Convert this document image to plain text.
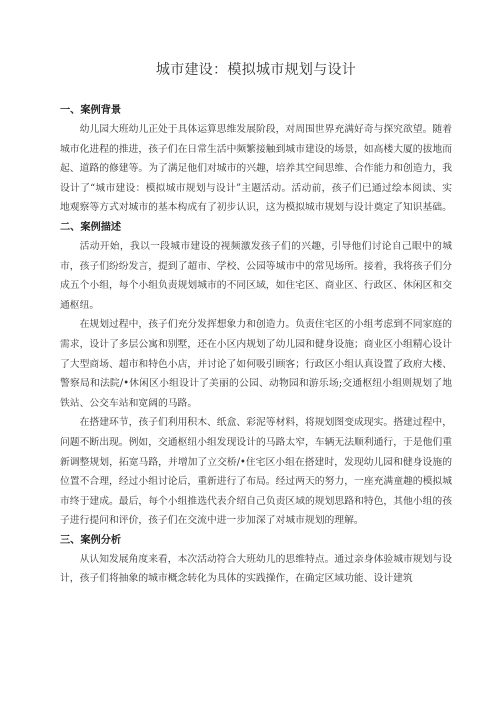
城市建设：模拟城市规划与设计
一、案例背景

幼儿园大班幼儿正处于具体运算思维发展阶段，对周围世界充满好奇与探究欲望。随着城市化进程的推进，孩子们在日常生活中频繁接触到城市建设的场景，如高楼大厦的拔地而起、道路的修建等。为了满足他们对城市的兴趣，培养其空间思维、合作能力和创造力，我设计了“城市建设：模拟城市规划与设计”主题活动。活动前，孩子们已通过绘本阅读、实地观察等方式对城市的基本构成有了初步认识，这为模拟城市规划与设计奠定了知识基础。

二、案例描述

活动开始，我以一段城市建设的视频激发孩子们的兴趣，引导他们讨论自己眼中的城市，孩子们纷纷发言，提到了超市、学校、公园等城市中的常见场所。接着，我将孩子们分成五个小组，每个小组负责规划城市的不同区域，如住宅区、商业区、行政区、休闲区和交通枢纽。

在规划过程中，孩子们充分发挥想象力和创造力。负责住宅区的小组考虑到不同家庭的需求，设计了多层公寓和别墅，还在小区内规划了幼儿园和健身设施；商业区小组精心设计了大型商场、超市和特色小店，并讨论了如何吸引顾客；行政区小组认真设置了政府大楼、警察局和法院/•休闲区小组设计了美丽的公园、动物园和游乐场;交通枢纽小组则规划了地铁站、公交车站和宽阔的马路。

在搭建环节，孩子们利用积木、纸盒、彩泥等材料，将规划图变成现实。搭建过程中，问题不断出现。例如，交通枢纽小组发现设计的马路太窄，车辆无法顺利通行，于是他们重新调整规划，拓宽马路，并增加了立交桥/•住宅区小组在搭建时，发现幼儿园和健身设施的位置不合理，经过小组讨论后，重新进行了布局。经过两天的努力，一座充满童趣的模拟城市终于建成。最后，每个小组推选代表介绍自己负责区域的规划思路和特色，其他小组的孩子进行提问和评价，孩子们在交流中进一步加深了对城市规划的理解。

三、案例分析

从认知发展角度来看，本次活动符合大班幼儿的思维特点。通过亲身体验城市规划与设计，孩子们将抽象的城市概念转化为具体的实践操作，在确定区域功能、设计建筑
